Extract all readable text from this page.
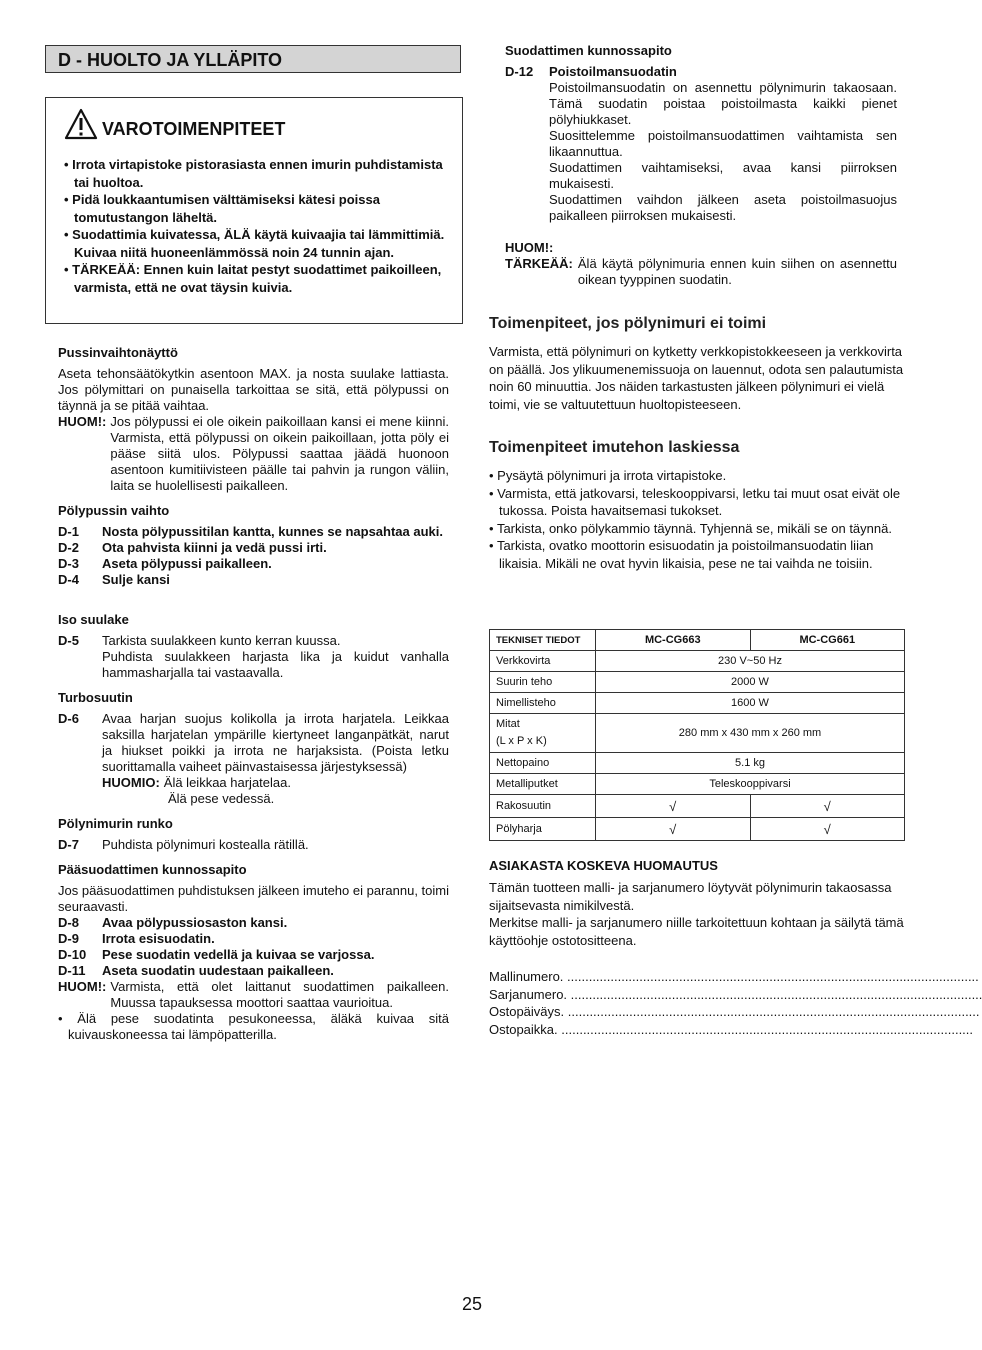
D - HUOLTO JA YLLÄPITO
VAROTOIMENPITEET
• Irrota virtapistoke pistorasiasta ennen imurin puhdistamista tai huoltoa.
• Pidä loukkaantumisen välttämiseksi kätesi poissa tomutustangon läheltä.
• Suodattimia kuivatessa, ÄLÄ käytä kuivaajia tai lämmittimiä. Kuivaa niitä huoneenlämmössä noin 24 tunnin ajan.
• TÄRKEÄÄ: Ennen kuin laitat pestyt suodattimet paikoilleen, varmista, että ne ovat täysin kuivia.
Pussinvaihtonäyttö
Aseta tehonsäätökytkin asentoon MAX. ja nosta suulake lattiasta. Jos pölymittari on punaisella tarkoittaa se sitä, että pölypussi on täynnä ja se pitää vaihtaa.
HUOM!: Jos pölypussi ei ole oikein paikoillaan kansi ei mene kiinni. Varmista, että pölypussi on oikein paikoillaan, jotta pöly ei pääse siitä ulos. Pölypussi saattaa jäädä huonoon asentoon kumitiivisteen päälle tai pahvin ja rungon väliin, laita se huolellisesti paikalleen.
Pölypussin vaihto
D-1	Nosta pölypussitilan kantta, kunnes se napsahtaa auki.
D-2	Ota pahvista kiinni ja vedä pussi irti.
D-3	Aseta pölypussi paikalleen.
D-4	Sulje kansi
Iso suulake
D-5	Tarkista suulakkeen kunto kerran kuussa.
Puhdista suulakkeen harjasta lika ja kuidut vanhalla hammasharjalla tai vastaavalla.
Turbosuutin
D-6	Avaa harjan suojus kolikolla ja irrota harjatela. Leikkaa saksilla harjatelan ympärille kiertyneet langanpätkät, narut ja hiukset poikki ja irrota ne harjaksista. (Poista letku suorittamalla vaiheet päinvastaisessa järjestyksessä)
HUOMIO: Älä leikkaa harjatelaa.
Älä pese vedessä.
Pölynimurin runko
D-7	Puhdista pölynimuri kostealla rätillä.
Pääsuodattimen kunnossapito
Jos pääsuodattimen puhdistuksen jälkeen imuteho ei parannu, toimi seuraavasti.
D-8	Avaa pölypussiosaston kansi.
D-9	Irrota esisuodatin.
D-10	Pese suodatin vedellä ja kuivaa se varjossa.
D-11	Aseta suodatin uudestaan paikalleen.
HUOM!: Varmista, että olet laittanut suodattimen paikalleen. Muussa tapauksessa moottori saattaa vaurioitua.
• Älä pese suodatinta pesukoneessa, äläkä kuivaa sitä kuivauskoneessa tai lämpöpatterilla.
Suodattimen kunnossapito
D-12	Poistoilmansuodatin
Poistoilmansuodatin on asennettu pölynimurin takaosaan. Tämä suodatin poistaa poistoilmasta kaikki pienet pölyhiukkaset.
Suosittelemme poistoilmansuodattimen vaihtamista sen likaannuttua.
Suodattimen vaihtamiseksi, avaa kansi piirroksen mukaisesti.
Suodattimen vaihdon jälkeen aseta poistoilmasuojus paikalleen piirroksen mukaisesti.
HUOM!:
TÄRKEÄÄ: Älä käytä pölynimuria ennen kuin siihen on asennettu oikean tyyppinen suodatin.
Toimenpiteet, jos pölynimuri ei toimi
Varmista, että pölynimuri on kytketty verkkopistokkeeseen ja verkkovirta on päällä. Jos ylikuumenemissuoja on lauennut, odota sen palautumista noin 60 minuuttia. Jos näiden tarkastusten jälkeen pölynimuri ei vielä toimi, vie se valtuutettuun huoltopisteeseen.
Toimenpiteet imutehon laskiessa
• Pysäytä pölynimuri ja irrota virtapistoke.
• Varmista, että jatkovarsi, teleskooppivarsi, letku tai muut osat eivät ole tukossa. Poista havaitsemasi tukokset.
• Tarkista, onko pölykammio täynnä. Tyhjennä se, mikäli se on täynnä.
• Tarkista, ovatko moottorin esisuodatin ja poistoilmansuodatin liian likaisia. Mikäli ne ovat hyvin likaisia, pese ne tai vaihda ne toisiin.
TEKNISET TIEDOT	MC-CG663	MC-CG661
Verkkovirta	230 V~50 Hz	
Suurin teho	2000 W	
Nimellisteho	1600 W	
Mitat
(L x P x K)	280 mm x 430 mm x 260 mm	
Nettopaino	5.1 kg	
Metalliputket	Teleskooppivarsi	
Rakosuutin	√	√
Pölyharja	√	√
ASIAKASTA KOSKEVA HUOMAUTUS
Tämän tuotteen malli- ja sarjanumero löytyvät pölynimurin takaosassa sijaitsevasta nimikilvestä.
Merkitse malli- ja sarjanumero niille tarkoitettuun kohtaan ja säilytä tämä käyttöohje ostotositteena.
Mallinumero. ..................................................................................................................
Sarjanumero. ..................................................................................................................
Ostopäiväys. ..................................................................................................................
Ostopaikka. ..................................................................................................................
25
